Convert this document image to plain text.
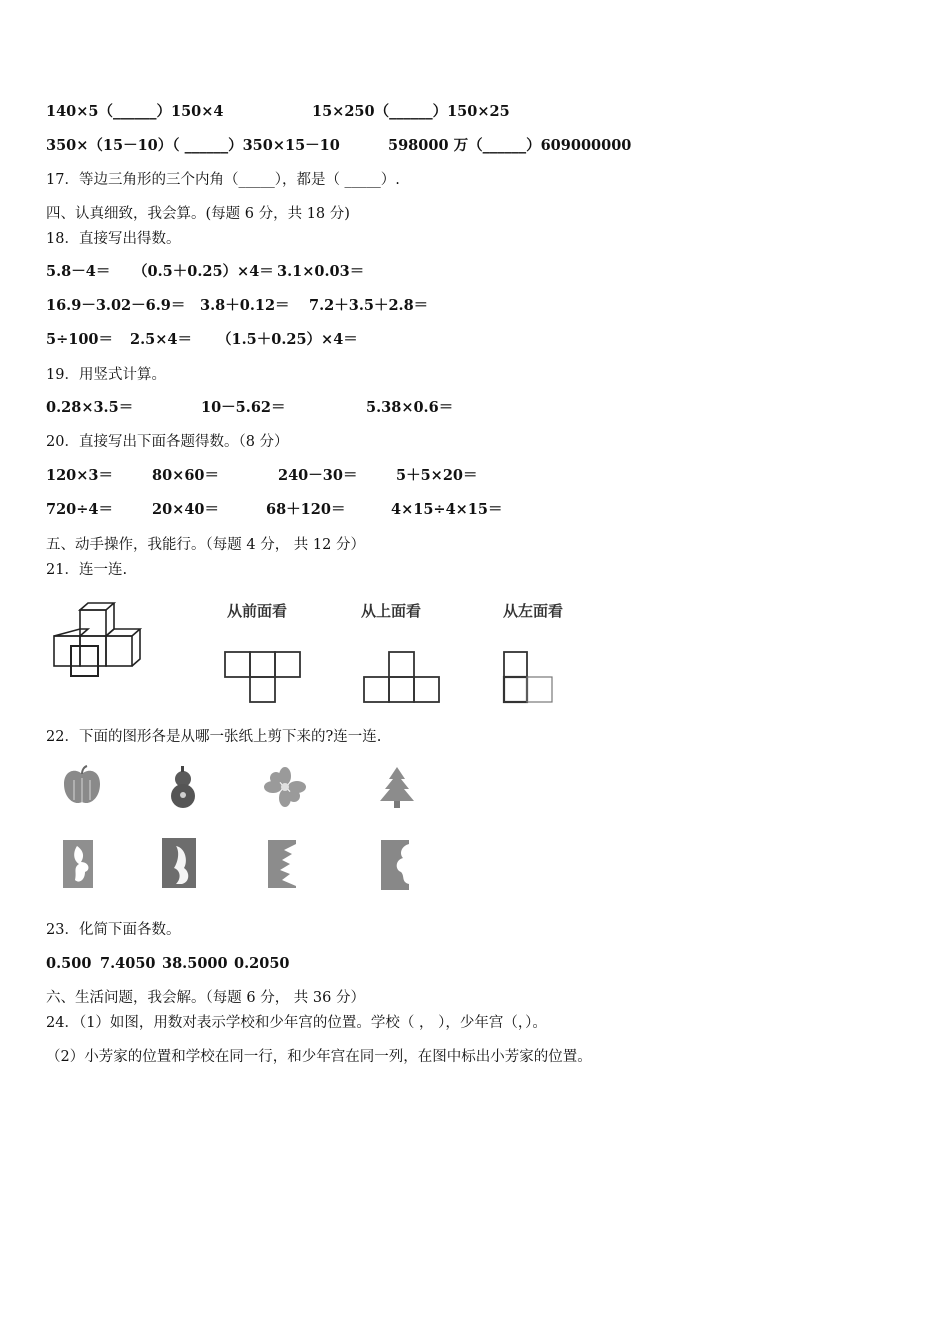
140×5（______）150×4	15×250（______）150×25
350×（15－10）（ ______）350×15－10	598000 万（______）609000000
17．等边三角形的三个内角（_____），都是（ _____）.
四、认真细致，我会算。(每题 6 分，共 18 分)
18．直接写出得数。
5.8－4＝ （0.5＋0.25）×4＝ 3.1×0.03＝
16.9－3.02－6.9＝ 3.8＋0.12＝ 7.2＋3.5＋2.8＝
5÷100＝ 2.5×4＝ （1.5＋0.25）×4＝
19．用竖式计算。
0.28×3.5＝	10－5.62＝	5.38×0.6＝
20．直接写出下面各题得数。（8 分）
120×3＝	80×60＝	240－30＝	5＋5×20＝
720÷4＝	20×40＝	68＋120＝	4×15÷4×15＝
五、动手操作，我能行。（每题 4 分， 共 12 分）
21．连一连.
从前面看	从上面看	从左面看
22．下面的图形各是从哪一张纸上剪下来的?连一连.
23．化简下面各数。
0.500 7.4050 38.5000 0.2050
六、生活问题，我会解。（每题 6 分， 共 36 分）
24．（1）如图，用数对表示学校和少年宫的位置。学校（ ， ），少年宫（，）。
（2）小芳家的位置和学校在同一行，和少年宫在同一列，在图中标出小芳家的位置。
